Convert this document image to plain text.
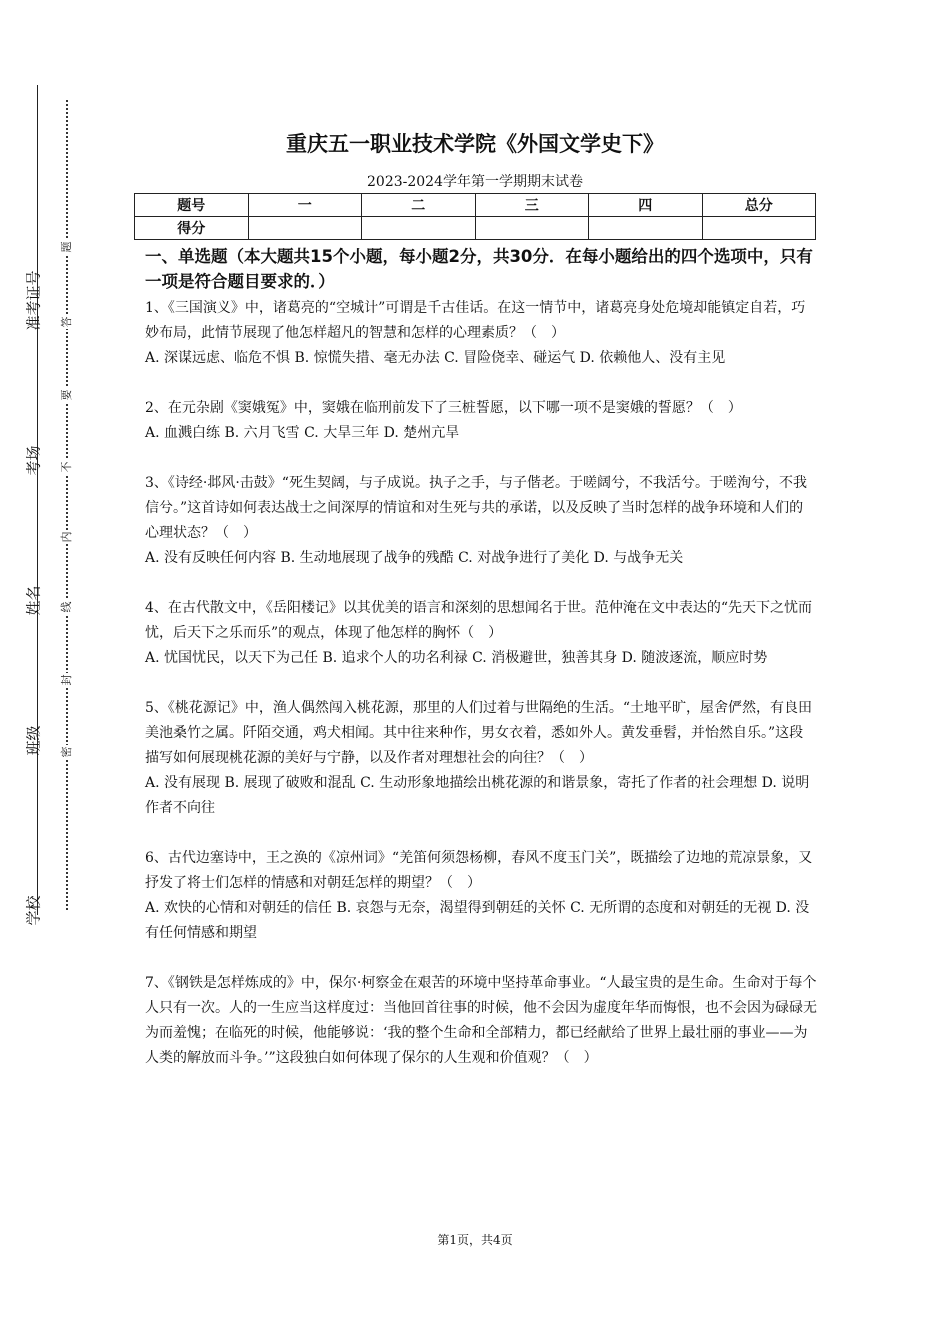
准考证号
考场
姓名
班级
学校
题
答
要
不
内
线
封
密
重庆五一职业技术学院《外国文学史下》
2023-2024学年第一学期期末试卷
题号	一	二	三	四	总分
得分					
一、单选题（本大题共15个小题，每小题2分，共30分．在每小题给出的四个选项中，只有一项是符合题目要求的．）

1、《三国演义》中，诸葛亮的“空城计”可谓是千古佳话。在这一情节中，诸葛亮身处危境却能镇定自若，巧妙布局，此情节展现了他怎样超凡的智慧和怎样的心理素质？（　）

A. 深谋远虑、临危不惧 B. 惊慌失措、毫无办法 C. 冒险侥幸、碰运气 D. 依赖他人、没有主见

2、在元杂剧《窦娥冤》中，窦娥在临刑前发下了三桩誓愿，以下哪一项不是窦娥的誓愿？（　）

A. 血溅白练 B. 六月飞雪 C. 大旱三年 D. 楚州亢旱

3、《诗经·邶风·击鼓》“死生契阔，与子成说。执子之手，与子偕老。于嗟阔兮，不我活兮。于嗟洵兮，不我信兮。”这首诗如何表达战士之间深厚的情谊和对生死与共的承诺，以及反映了当时怎样的战争环境和人们的心理状态？（　）

A. 没有反映任何内容 B. 生动地展现了战争的残酷 C. 对战争进行了美化 D. 与战争无关

4、在古代散文中，《岳阳楼记》以其优美的语言和深刻的思想闻名于世。范仲淹在文中表达的“先天下之忧而忧，后天下之乐而乐”的观点，体现了他怎样的胸怀（　）

A. 忧国忧民，以天下为己任 B. 追求个人的功名利禄 C. 消极避世，独善其身 D. 随波逐流，顺应时势

5、《桃花源记》中，渔人偶然闯入桃花源，那里的人们过着与世隔绝的生活。“土地平旷，屋舍俨然，有良田美池桑竹之属。阡陌交通，鸡犬相闻。其中往来种作，男女衣着，悉如外人。黄发垂髫，并怡然自乐。”这段描写如何展现桃花源的美好与宁静，以及作者对理想社会的向往？（　）

A. 没有展现 B. 展现了破败和混乱 C. 生动形象地描绘出桃花源的和谐景象，寄托了作者的社会理想 D. 说明作者不向往

6、古代边塞诗中，王之涣的《凉州词》“羌笛何须怨杨柳，春风不度玉门关”，既描绘了边地的荒凉景象，又抒发了将士们怎样的情感和对朝廷怎样的期望？（　）

A. 欢快的心情和对朝廷的信任 B. 哀怨与无奈，渴望得到朝廷的关怀 C. 无所谓的态度和对朝廷的无视 D. 没有任何情感和期望

7、《钢铁是怎样炼成的》中，保尔·柯察金在艰苦的环境中坚持革命事业。“人最宝贵的是生命。生命对于每个人只有一次。人的一生应当这样度过：当他回首往事的时候，他不会因为虚度年华而悔恨，也不会因为碌碌无为而羞愧；在临死的时候，他能够说：‘我的整个生命和全部精力，都已经献给了世界上最壮丽的事业——为人类的解放而斗争。’”这段独白如何体现了保尔的人生观和价值观？（　）

第1页，共4页
